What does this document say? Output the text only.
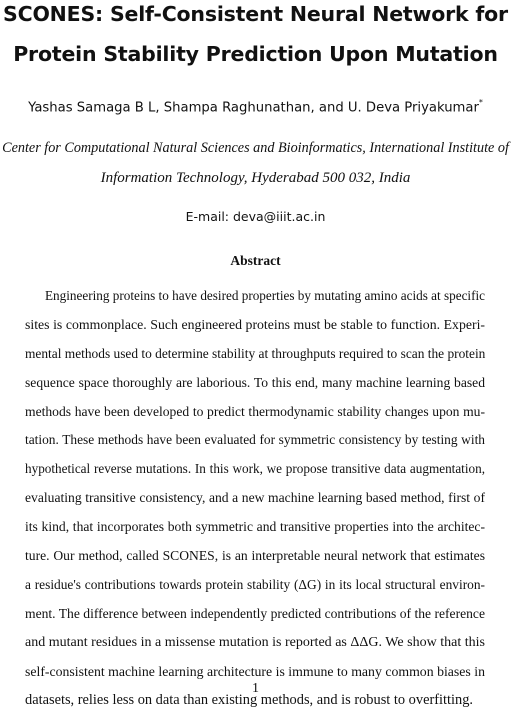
SCONES: Self-Consistent Neural Network for
Protein Stability Prediction Upon Mutation
Yashas Samaga B L, Shampa Raghunathan, and U. Deva Priyakumar*
Center for Computational Natural Sciences and Bioinformatics, International Institute of
Information Technology, Hyderabad 500 032, India
E-mail: deva@iiit.ac.in
Abstract
Engineering proteins to have desired properties by mutating amino acids at specific
sites is commonplace. Such engineered proteins must be stable to function. Experi-
mental methods used to determine stability at throughputs required to scan the protein
sequence space thoroughly are laborious. To this end, many machine learning based
methods have been developed to predict thermodynamic stability changes upon mu-
tation. These methods have been evaluated for symmetric consistency by testing with
hypothetical reverse mutations. In this work, we propose transitive data augmentation,
evaluating transitive consistency, and a new machine learning based method, first of
its kind, that incorporates both symmetric and transitive properties into the architec-
ture. Our method, called SCONES, is an interpretable neural network that estimates
a residue's contributions towards protein stability (ΔG) in its local structural environ-
ment. The difference between independently predicted contributions of the reference
and mutant residues in a missense mutation is reported as ΔΔG. We show that this
self-consistent machine learning architecture is immune to many common biases in
datasets, relies less on data than existing methods, and is robust to overfitting.
1
